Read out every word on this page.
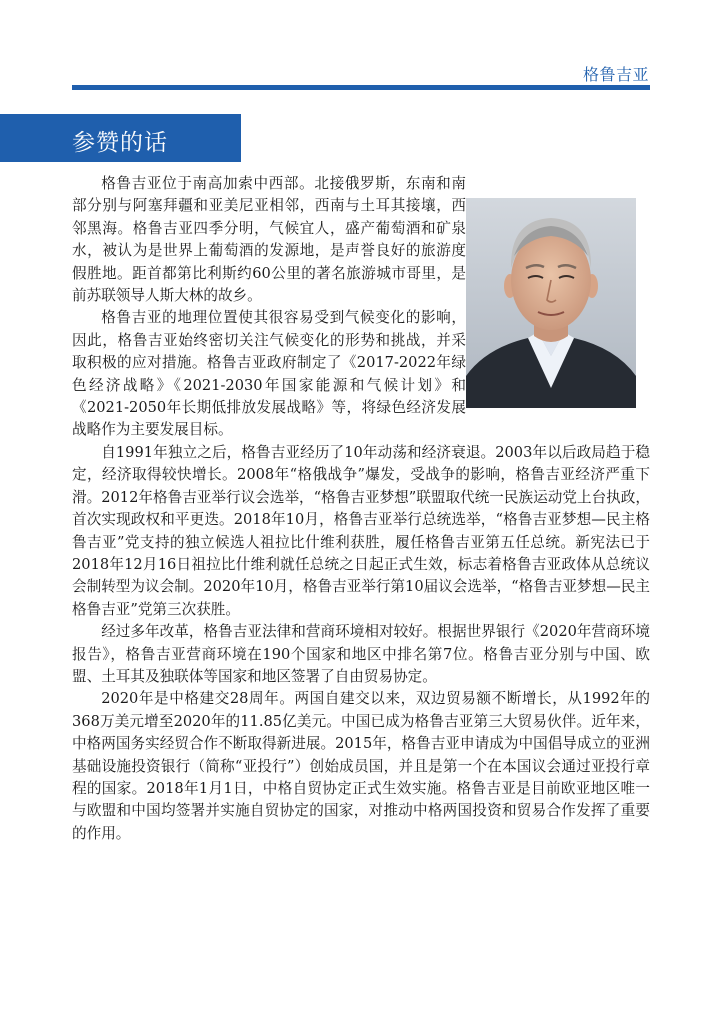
格鲁吉亚
参赞的话

格鲁吉亚位于南高加索中西部。北接俄罗斯，东南和南部分别与阿塞拜疆和亚美尼亚相邻，西南与土耳其接壤，西邻黑海。格鲁吉亚四季分明，气候宜人，盛产葡萄酒和矿泉水，被认为是世界上葡萄酒的发源地，是声誉良好的旅游度假胜地。距首都第比利斯约60公里的著名旅游城市哥里，是前苏联领导人斯大林的故乡。

格鲁吉亚的地理位置使其很容易受到气候变化的影响，因此，格鲁吉亚始终密切关注气候变化的形势和挑战，并采取积极的应对措施。格鲁吉亚政府制定了《2017-2022年绿色经济战略》《2021-2030年国家能源和气候计划》和《2021-2050年长期低排放发展战略》等，将绿色经济发展战略作为主要发展目标。

自1991年独立之后，格鲁吉亚经历了10年动荡和经济衰退。2003年以后政局趋于稳定，经济取得较快增长。2008年“格俄战争”爆发，受战争的影响，格鲁吉亚经济严重下滑。2012年格鲁吉亚举行议会选举，“格鲁吉亚梦想”联盟取代统一民族运动党上台执政，首次实现政权和平更迭。2018年10月，格鲁吉亚举行总统选举，“格鲁吉亚梦想—民主格鲁吉亚”党支持的独立候选人祖拉比什维利获胜，履任格鲁吉亚第五任总统。新宪法已于2018年12月16日祖拉比什维利就任总统之日起正式生效，标志着格鲁吉亚政体从总统议会制转型为议会制。2020年10月，格鲁吉亚举行第10届议会选举，“格鲁吉亚梦想—民主格鲁吉亚”党第三次获胜。

经过多年改革，格鲁吉亚法律和营商环境相对较好。根据世界银行《2020年营商环境报告》，格鲁吉亚营商环境在190个国家和地区中排名第7位。格鲁吉亚分别与中国、欧盟、土耳其及独联体等国家和地区签署了自由贸易协定。

2020年是中格建交28周年。两国自建交以来，双边贸易额不断增长，从1992年的368万美元增至2020年的11.85亿美元。中国已成为格鲁吉亚第三大贸易伙伴。近年来，中格两国务实经贸合作不断取得新进展。2015年，格鲁吉亚申请成为中国倡导成立的亚洲基础设施投资银行（简称“亚投行”）创始成员国，并且是第一个在本国议会通过亚投行章程的国家。2018年1月1日，中格自贸协定正式生效实施。格鲁吉亚是目前欧亚地区唯一与欧盟和中国均签署并实施自贸协定的国家，对推动中格两国投资和贸易合作发挥了重要的作用。
